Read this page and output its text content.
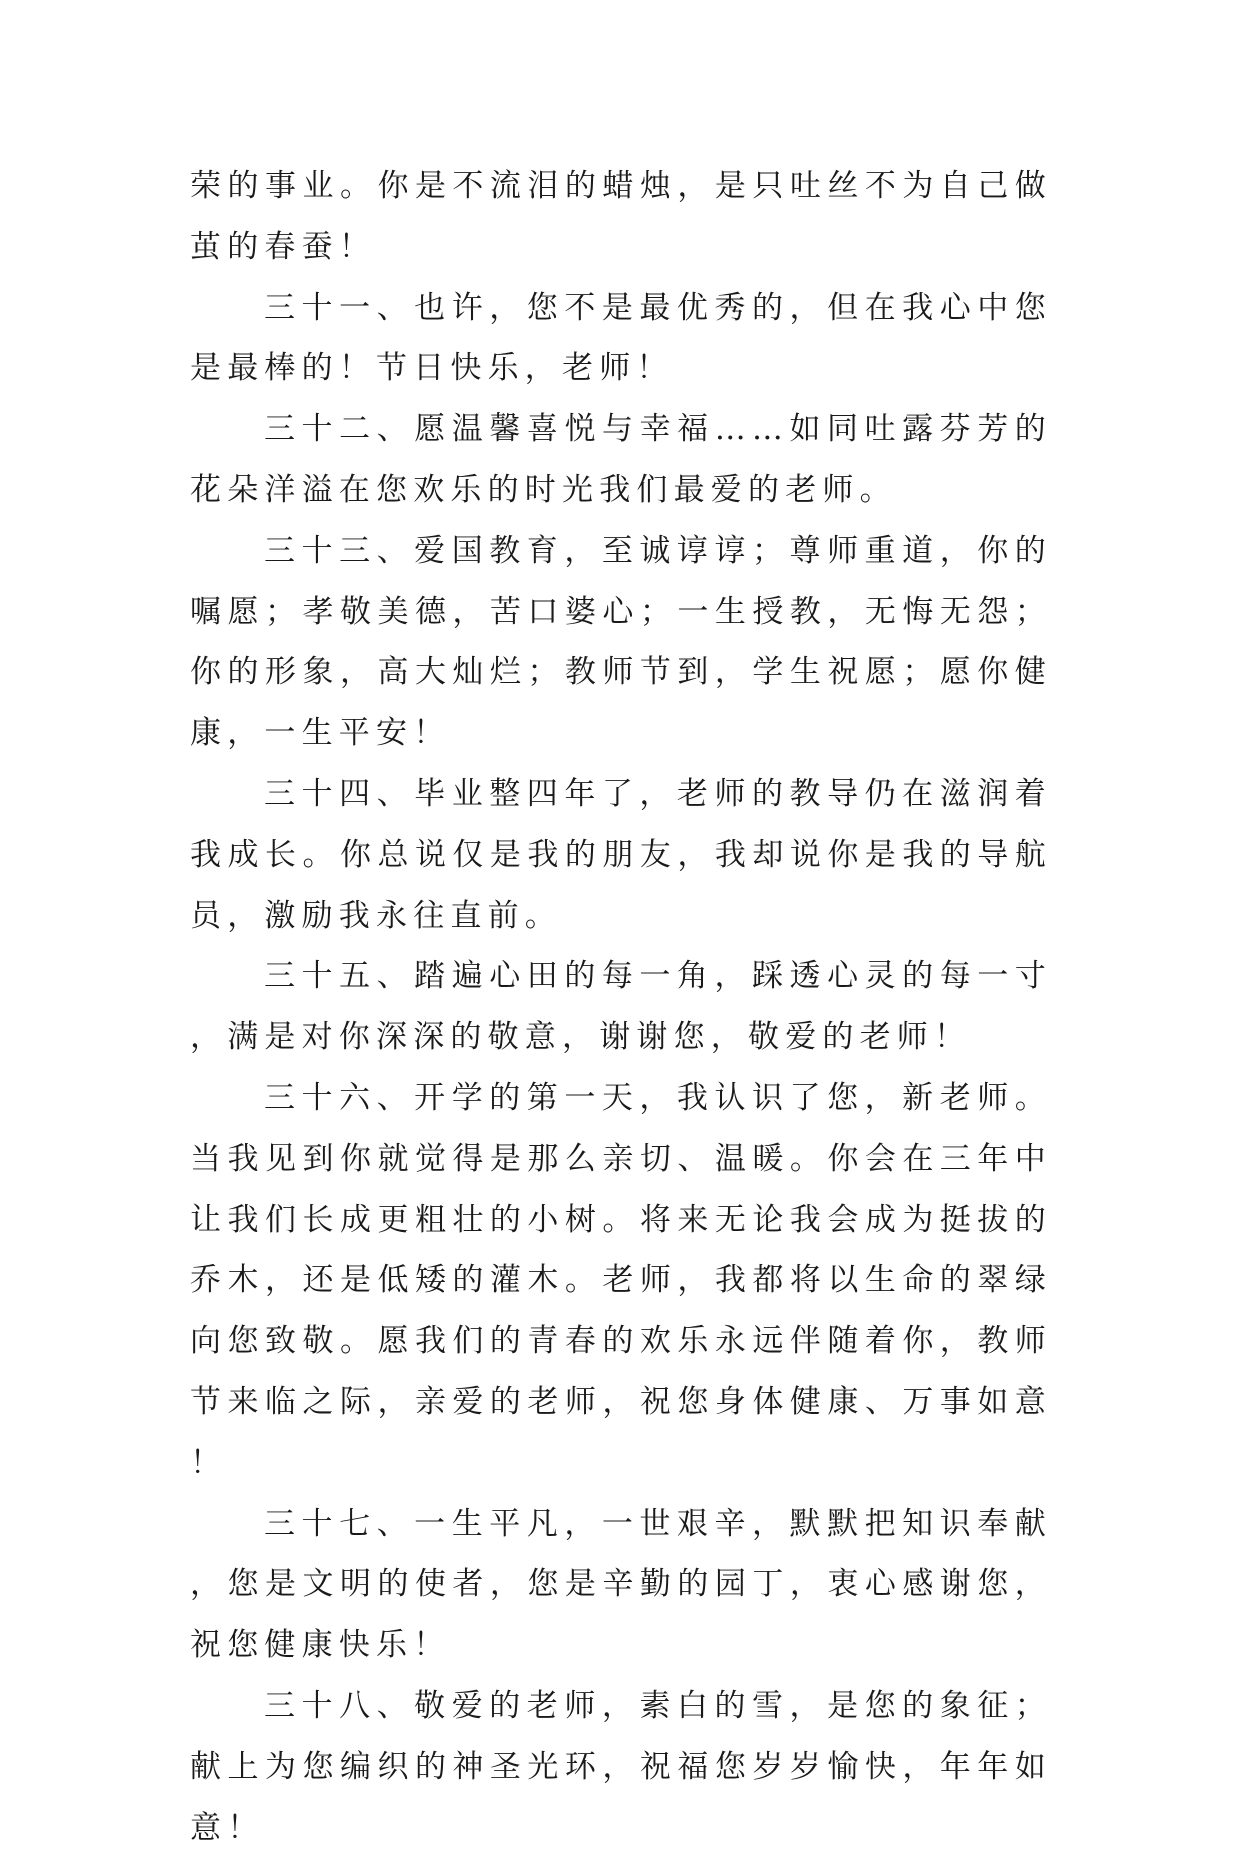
荣的事业。你是不流泪的蜡烛，是只吐丝不为自己做茧的春蚕！

三十一、也许，您不是最优秀的，但在我心中您是最棒的！节日快乐，老师！

三十二、愿温馨喜悦与幸福……如同吐露芬芳的花朵洋溢在您欢乐的时光我们最爱的老师。

三十三、爱国教育，至诚谆谆；尊师重道，你的嘱愿；孝敬美德，苦口婆心；一生授教，无悔无怨；你的形象，高大灿烂；教师节到，学生祝愿；愿你健康，一生平安！

三十四、毕业整四年了，老师的教导仍在滋润着我成长。你总说仅是我的朋友，我却说你是我的导航员，激励我永往直前。

三十五、踏遍心田的每一角，踩透心灵的每一寸，满是对你深深的敬意，谢谢您，敬爱的老师！

三十六、开学的第一天，我认识了您，新老师。当我见到你就觉得是那么亲切、温暖。你会在三年中让我们长成更粗壮的小树。将来无论我会成为挺拔的乔木，还是低矮的灌木。老师，我都将以生命的翠绿向您致敬。愿我们的青春的欢乐永远伴随着你，教师节来临之际，亲爱的老师，祝您身体健康、万事如意！

三十七、一生平凡，一世艰辛，默默把知识奉献，您是文明的使者，您是辛勤的园丁，衷心感谢您，祝您健康快乐！

三十八、敬爱的老师，素白的雪，是您的象征；献上为您编织的神圣光环，祝福您岁岁愉快，年年如意！
